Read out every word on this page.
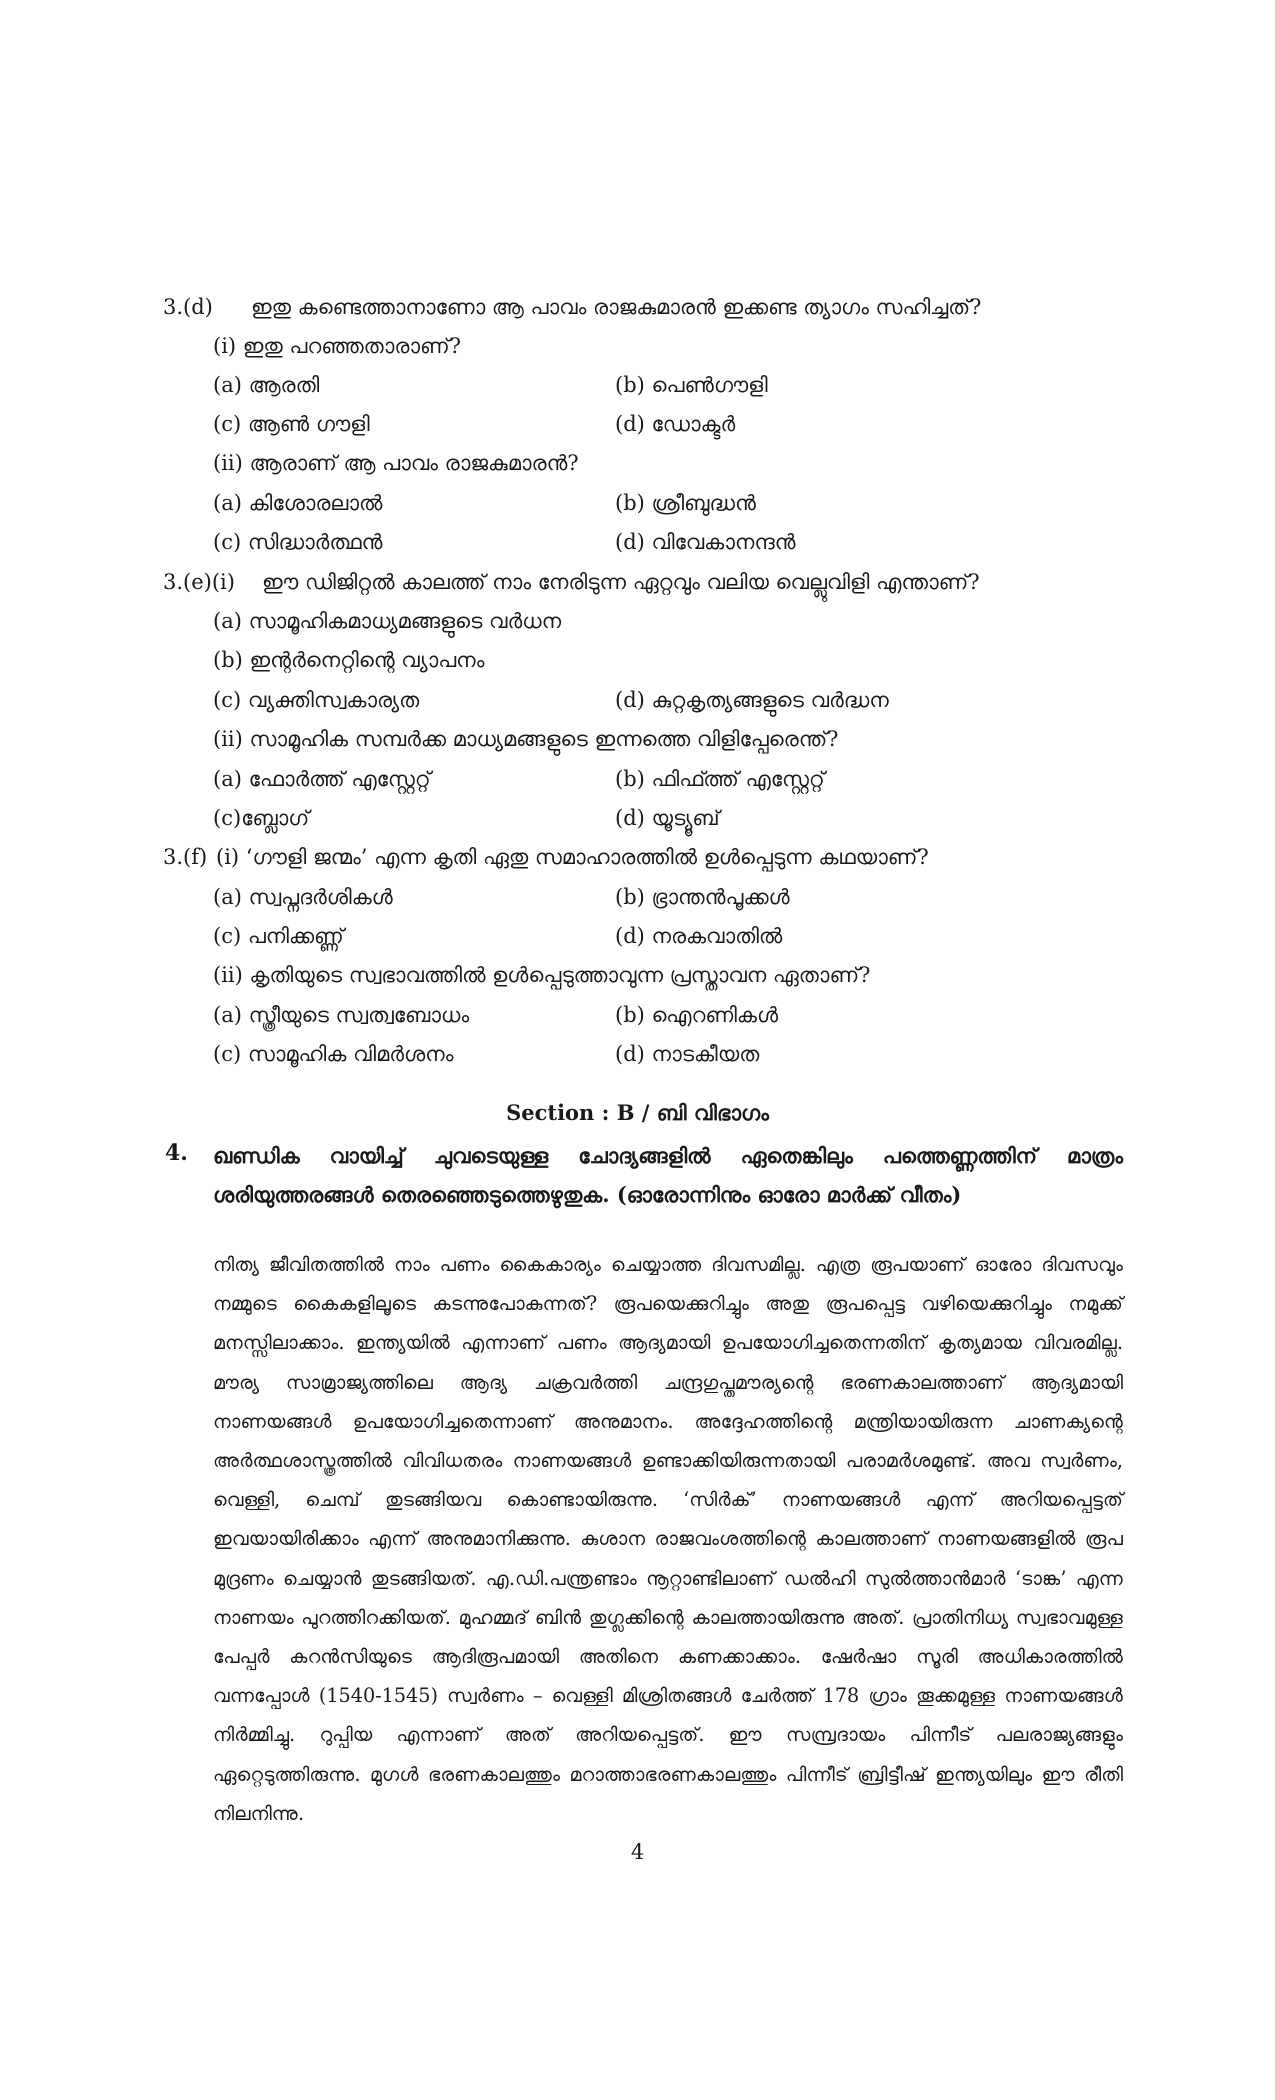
3.(d) ഇതു കണ്ടെത്താനാണോ ആ പാവം രാജകുമാരൻ ഇക്കണ്ട ത്യാഗം സഹിച്ചത്?
(i) ഇതു പറഞ്ഞതാരാണ്?
(a) ആരതി	(b) പെൺഗൗളി
(c) ആൺ ഗൗളി	(d) ഡോക്ടർ
(ii) ആരാണ് ആ പാവം രാജകുമാരൻ?
(a) കിശോരലാൽ	(b) ശ്രീബുദ്ധൻ
(c) സിദ്ധാർത്ഥൻ	(d) വിവേകാനന്ദൻ
3.(e)(i) ഈ ഡിജിറ്റൽ കാലത്ത് നാം നേരിടുന്ന ഏറ്റവും വലിയ വെല്ലുവിളി എന്താണ്?
(a) സാമൂഹികമാധ്യമങ്ങളുടെ വർധന
(b) ഇന്റർനെറ്റിന്റെ വ്യാപനം
(c) വ്യക്തിസ്വകാര്യത	(d) കുറ്റകൃത്യങ്ങളുടെ വർദ്ധന
(ii) സാമൂഹിക സമ്പർക്ക മാധ്യമങ്ങളുടെ ഇന്നത്തെ വിളിപ്പേരെന്ത്?
(a) ഫോർത്ത് എസ്റ്റേറ്റ്	(b) ഫിഫ്ത്ത് എസ്റ്റേറ്റ്
(c)ബ്ലോഗ്	(d) യൂട്യൂബ്
3.(f) (i) ‘ഗൗളി ജന്മം’ എന്ന കൃതി ഏതു സമാഹാരത്തിൽ ഉൾപ്പെടുന്ന കഥയാണ്?
(a) സ്വപ്നദർശികൾ	(b) ഭ്രാന്തൻപൂക്കൾ
(c) പനിക്കണ്ണ്	(d) നരകവാതിൽ
(ii) കൃതിയുടെ സ്വഭാവത്തിൽ ഉൾപ്പെടുത്താവുന്ന പ്രസ്താവന ഏതാണ്?
(a) സ്ത്രീയുടെ സ്വത്വബോധം	(b) ഐറണികൾ
(c) സാമൂഹിക വിമർശനം	(d) നാടകീയത
Section : B / ബി വിഭാഗം
4. ഖണ്ഡിക വായിച്ച് ചുവടെയുള്ള ചോദ്യങ്ങളിൽ ഏതെങ്കിലും പത്തെണ്ണത്തിന് മാത്രം ശരിയുത്തരങ്ങൾ തെരഞ്ഞെടുത്തെഴുതുക. (ഓരോന്നിനും ഓരോ മാർക്ക് വീതം)
നിത്യ ജീവിതത്തിൽ നാം പണം കൈകാര്യം ചെയ്യാത്ത ദിവസമില്ല. എത്ര രൂപയാണ് ഓരോ ദിവസവും നമ്മുടെ കൈകളിലൂടെ കടന്നുപോകുന്നത്? രൂപയെക്കുറിച്ചും അതു രൂപപ്പെട്ട വഴിയെക്കുറിച്ചും നമുക്ക് മനസ്സിലാക്കാം. ഇന്ത്യയിൽ എന്നാണ് പണം ആദ്യമായി ഉപയോഗിച്ചതെന്നതിന് കൃത്യമായ വിവരമില്ല. മൗര്യ സാമ്രാജ്യത്തിലെ ആദ്യ ചക്രവർത്തി ചന്ദ്രഗുപ്തമൗര്യന്റെ ഭരണകാലത്താണ് ആദ്യമായി നാണയങ്ങൾ ഉപയോഗിച്ചതെന്നാണ് അനുമാനം. അദ്ദേഹത്തിന്റെ മന്ത്രിയായിരുന്ന ചാണക്യന്റെ അർത്ഥശാസ്ത്രത്തിൽ വിവിധതരം നാണയങ്ങൾ ഉണ്ടാക്കിയിരുന്നതായി പരാമർശമുണ്ട്. അവ സ്വർണം, വെള്ളി, ചെമ്പ് തുടങ്ങിയവ കൊണ്ടായിരുന്നു. ‘സിർക്’ നാണയങ്ങൾ എന്ന് അറിയപ്പെട്ടത് ഇവയായിരിക്കാം എന്ന് അനുമാനിക്കുന്നു. കുശാന രാജവംശത്തിന്റെ കാലത്താണ് നാണയങ്ങളിൽ രൂപ മുദ്രണം ചെയ്യാൻ തുടങ്ങിയത്. എ.ഡി.പന്ത്രണ്ടാം നൂറ്റാണ്ടിലാണ് ഡൽഹി സുൽത്താൻമാർ ‘ടാങ്ക’ എന്ന നാണയം പുറത്തിറക്കിയത്. മുഹമ്മദ് ബിൻ തുഗ്ലക്കിന്റെ കാലത്തായിരുന്നു അത്. പ്രാതിനിധ്യ സ്വഭാവമുള്ള പേപ്പർ കറൻസിയുടെ ആദിരൂപമായി അതിനെ കണക്കാക്കാം. ഷേർഷാ സൂരി അധികാരത്തിൽ വന്നപ്പോൾ (1540-1545) സ്വർണം – വെള്ളി മിശ്രിതങ്ങൾ ചേർത്ത് 178 ഗ്രാം തൂക്കമുള്ള നാണയങ്ങൾ നിർമ്മിച്ചു. റുപ്പിയ എന്നാണ് അത് അറിയപ്പെട്ടത്. ഈ സമ്പ്രദായം പിന്നീട് പലരാജ്യങ്ങളും ഏറ്റെടുത്തിരുന്നു. മുഗൾ ഭരണകാലത്തും മറാത്താഭരണകാലത്തും പിന്നീട് ബ്രിട്ടീഷ് ഇന്ത്യയിലും ഈ രീതി നിലനിന്നു.
4
